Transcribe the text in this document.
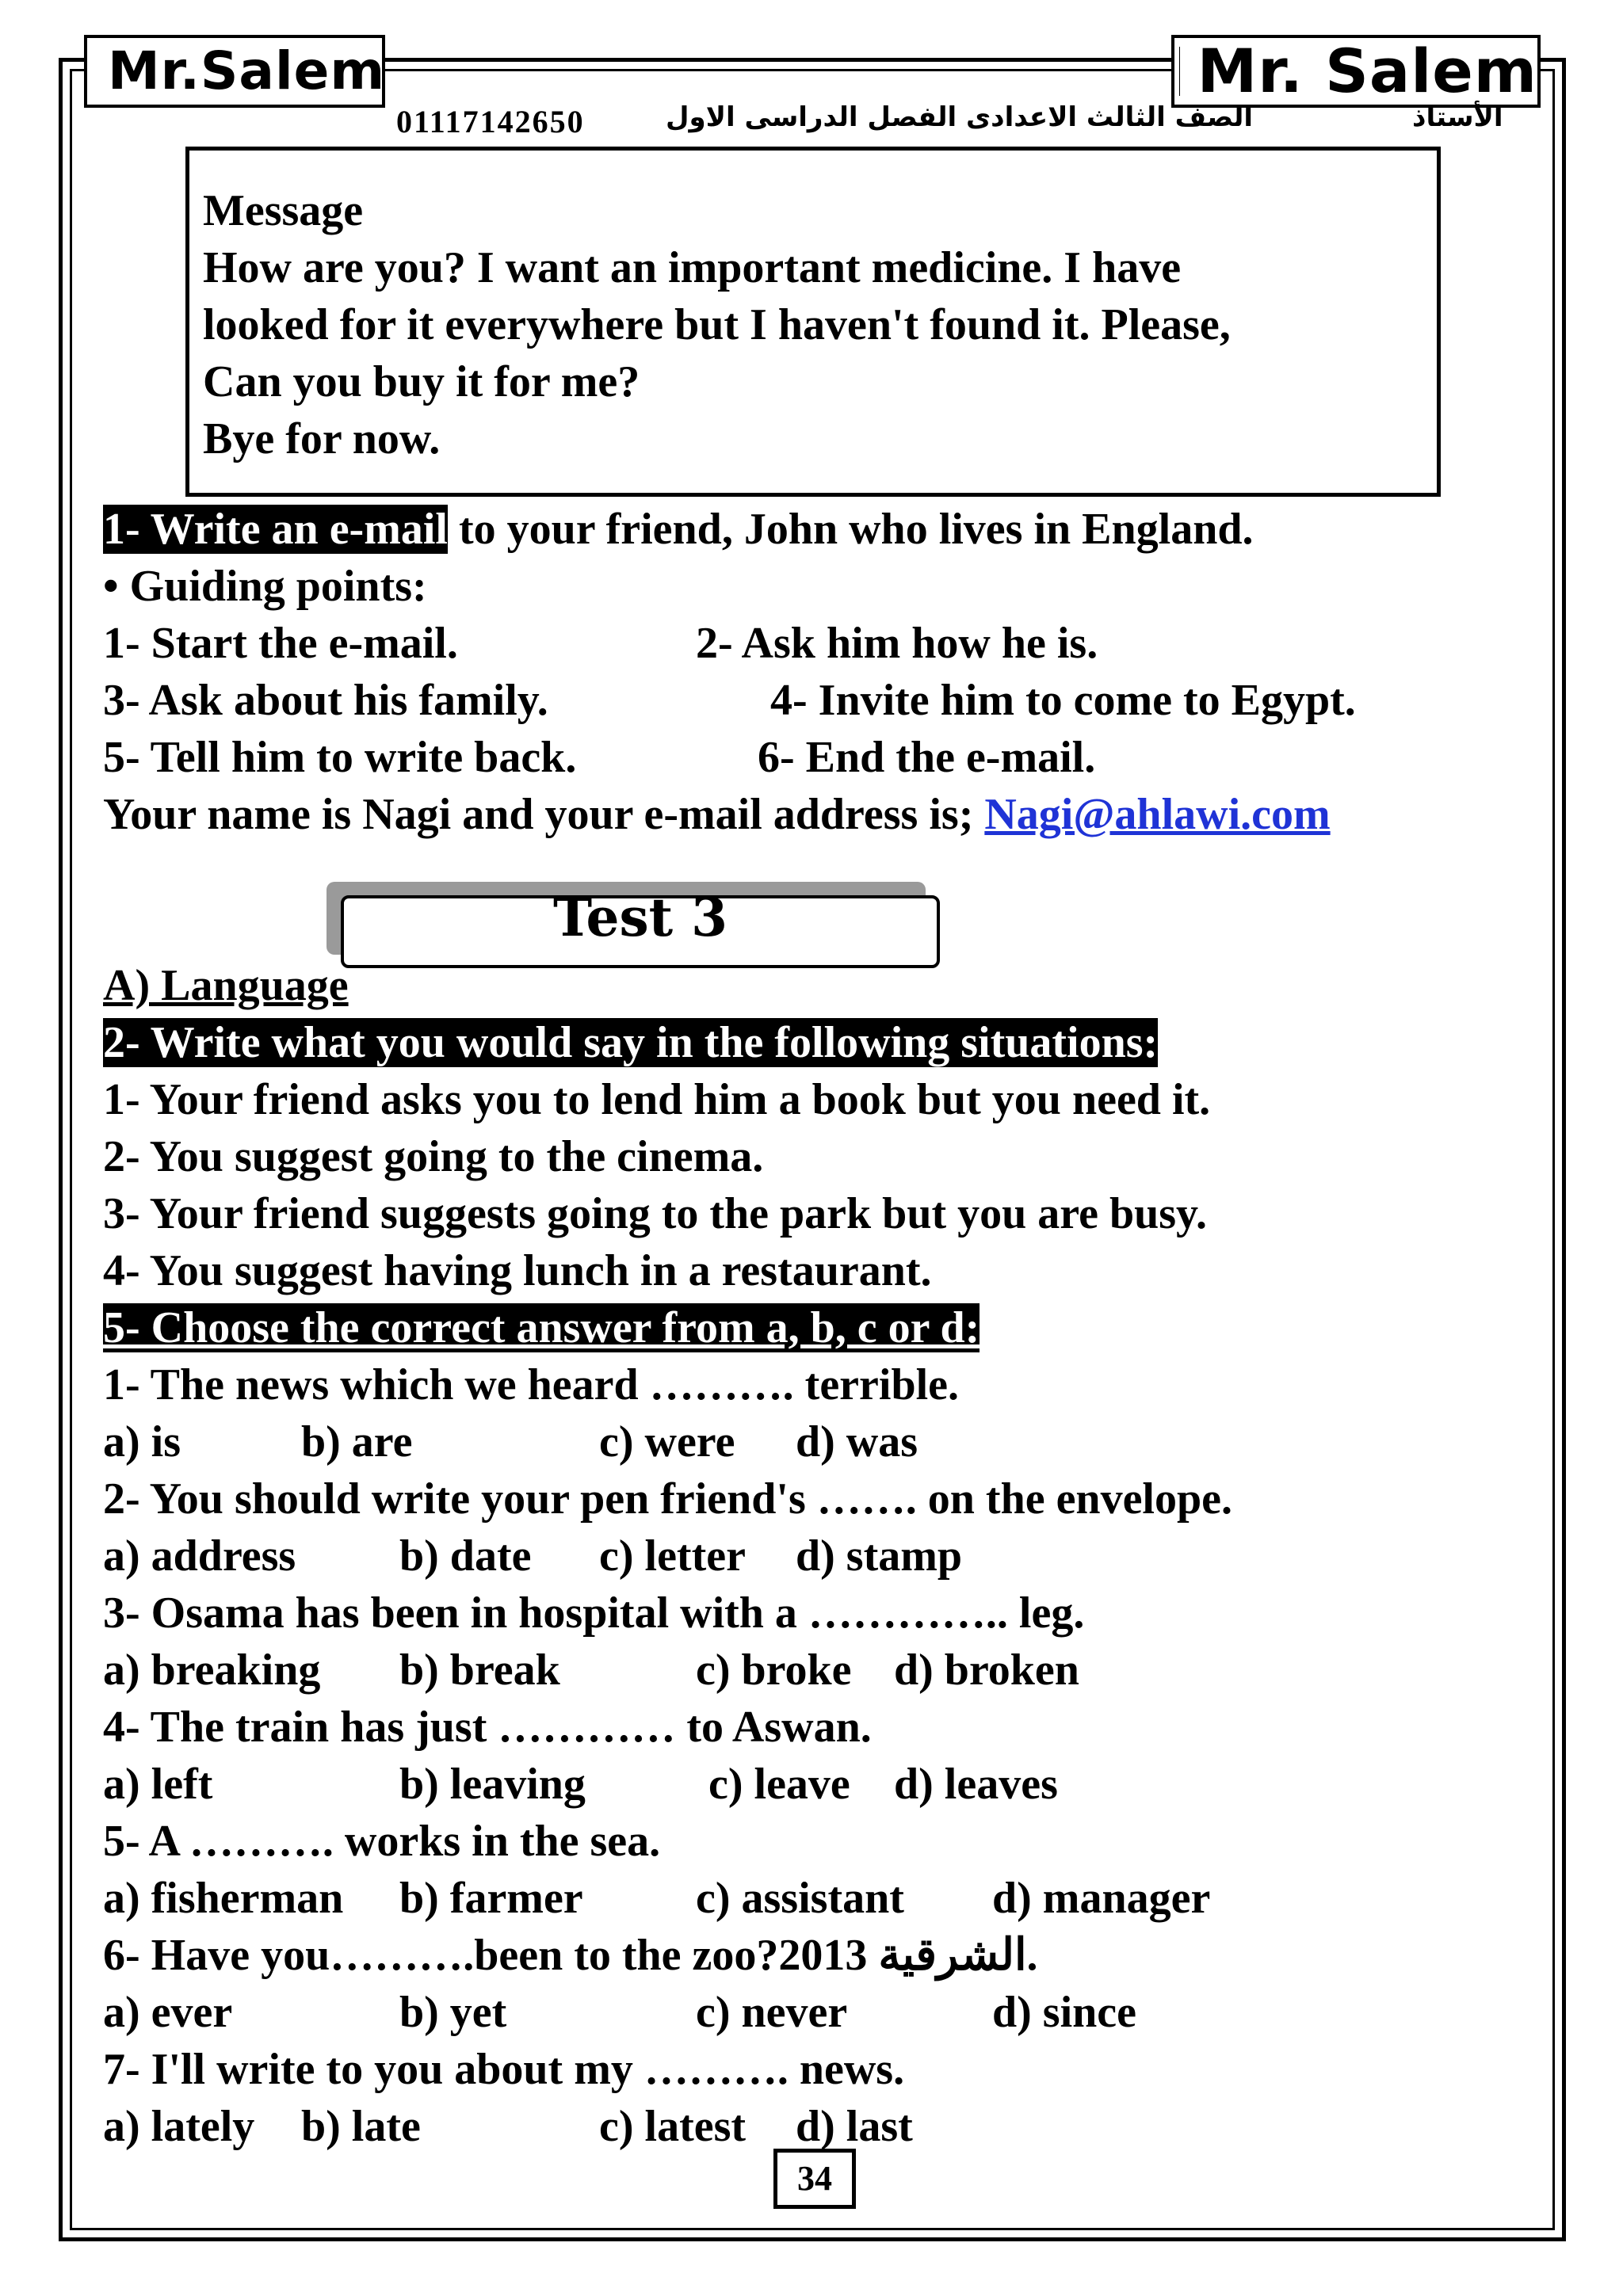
Mr.Salem	Mr. Salem
01117142650	الصف الثالث الاعدادى الفصل الدراسى الاول	الأستاذ
Message
How are you? I want an important medicine. I have
looked for it everywhere but I haven't found it. Please,
Can you buy it for me?
Bye for now.
1- Write an e-mail to your friend, John who lives in England.
• Guiding points:
1- Start the e-mail.	2- Ask him how he is.
3- Ask about his family.	4- Invite him to come to Egypt.
5- Tell him to write back.	6- End the e-mail.
Your name is Nagi and your e-mail address is; Nagi@ahlawi.com
Test 3
A) Language
2- Write what you would say in the following situations:
1- Your friend asks you to lend him a book but you need it.
2- You suggest going to the cinema.
3- Your friend suggests going to the park but you are busy.
4- You suggest having lunch in a restaurant.
5- Choose the correct answer from a, b, c or d:
1- The news which we heard ………. terrible.
a) is	b) are	c) were d) was
2- You should write your pen friend's ……. on the envelope.
a) address b) date c) letter d) stamp
3- Osama has been in hospital with a ………….. leg.
a) breaking b) break	c) broke d) broken
4- The train has just ………… to Aswan.
a) left	b) leaving	c) leave d) leaves
5- A ………. works in the sea.
a) fisherman b) farmer	c) assistant d) manager
6- Have you……….been to the zoo?2013 الشرقية.
a) ever	b) yet	c) never	d) since
7- I'll write to you about my ………. news.
a) lately b) late	c) latest d) last
34
